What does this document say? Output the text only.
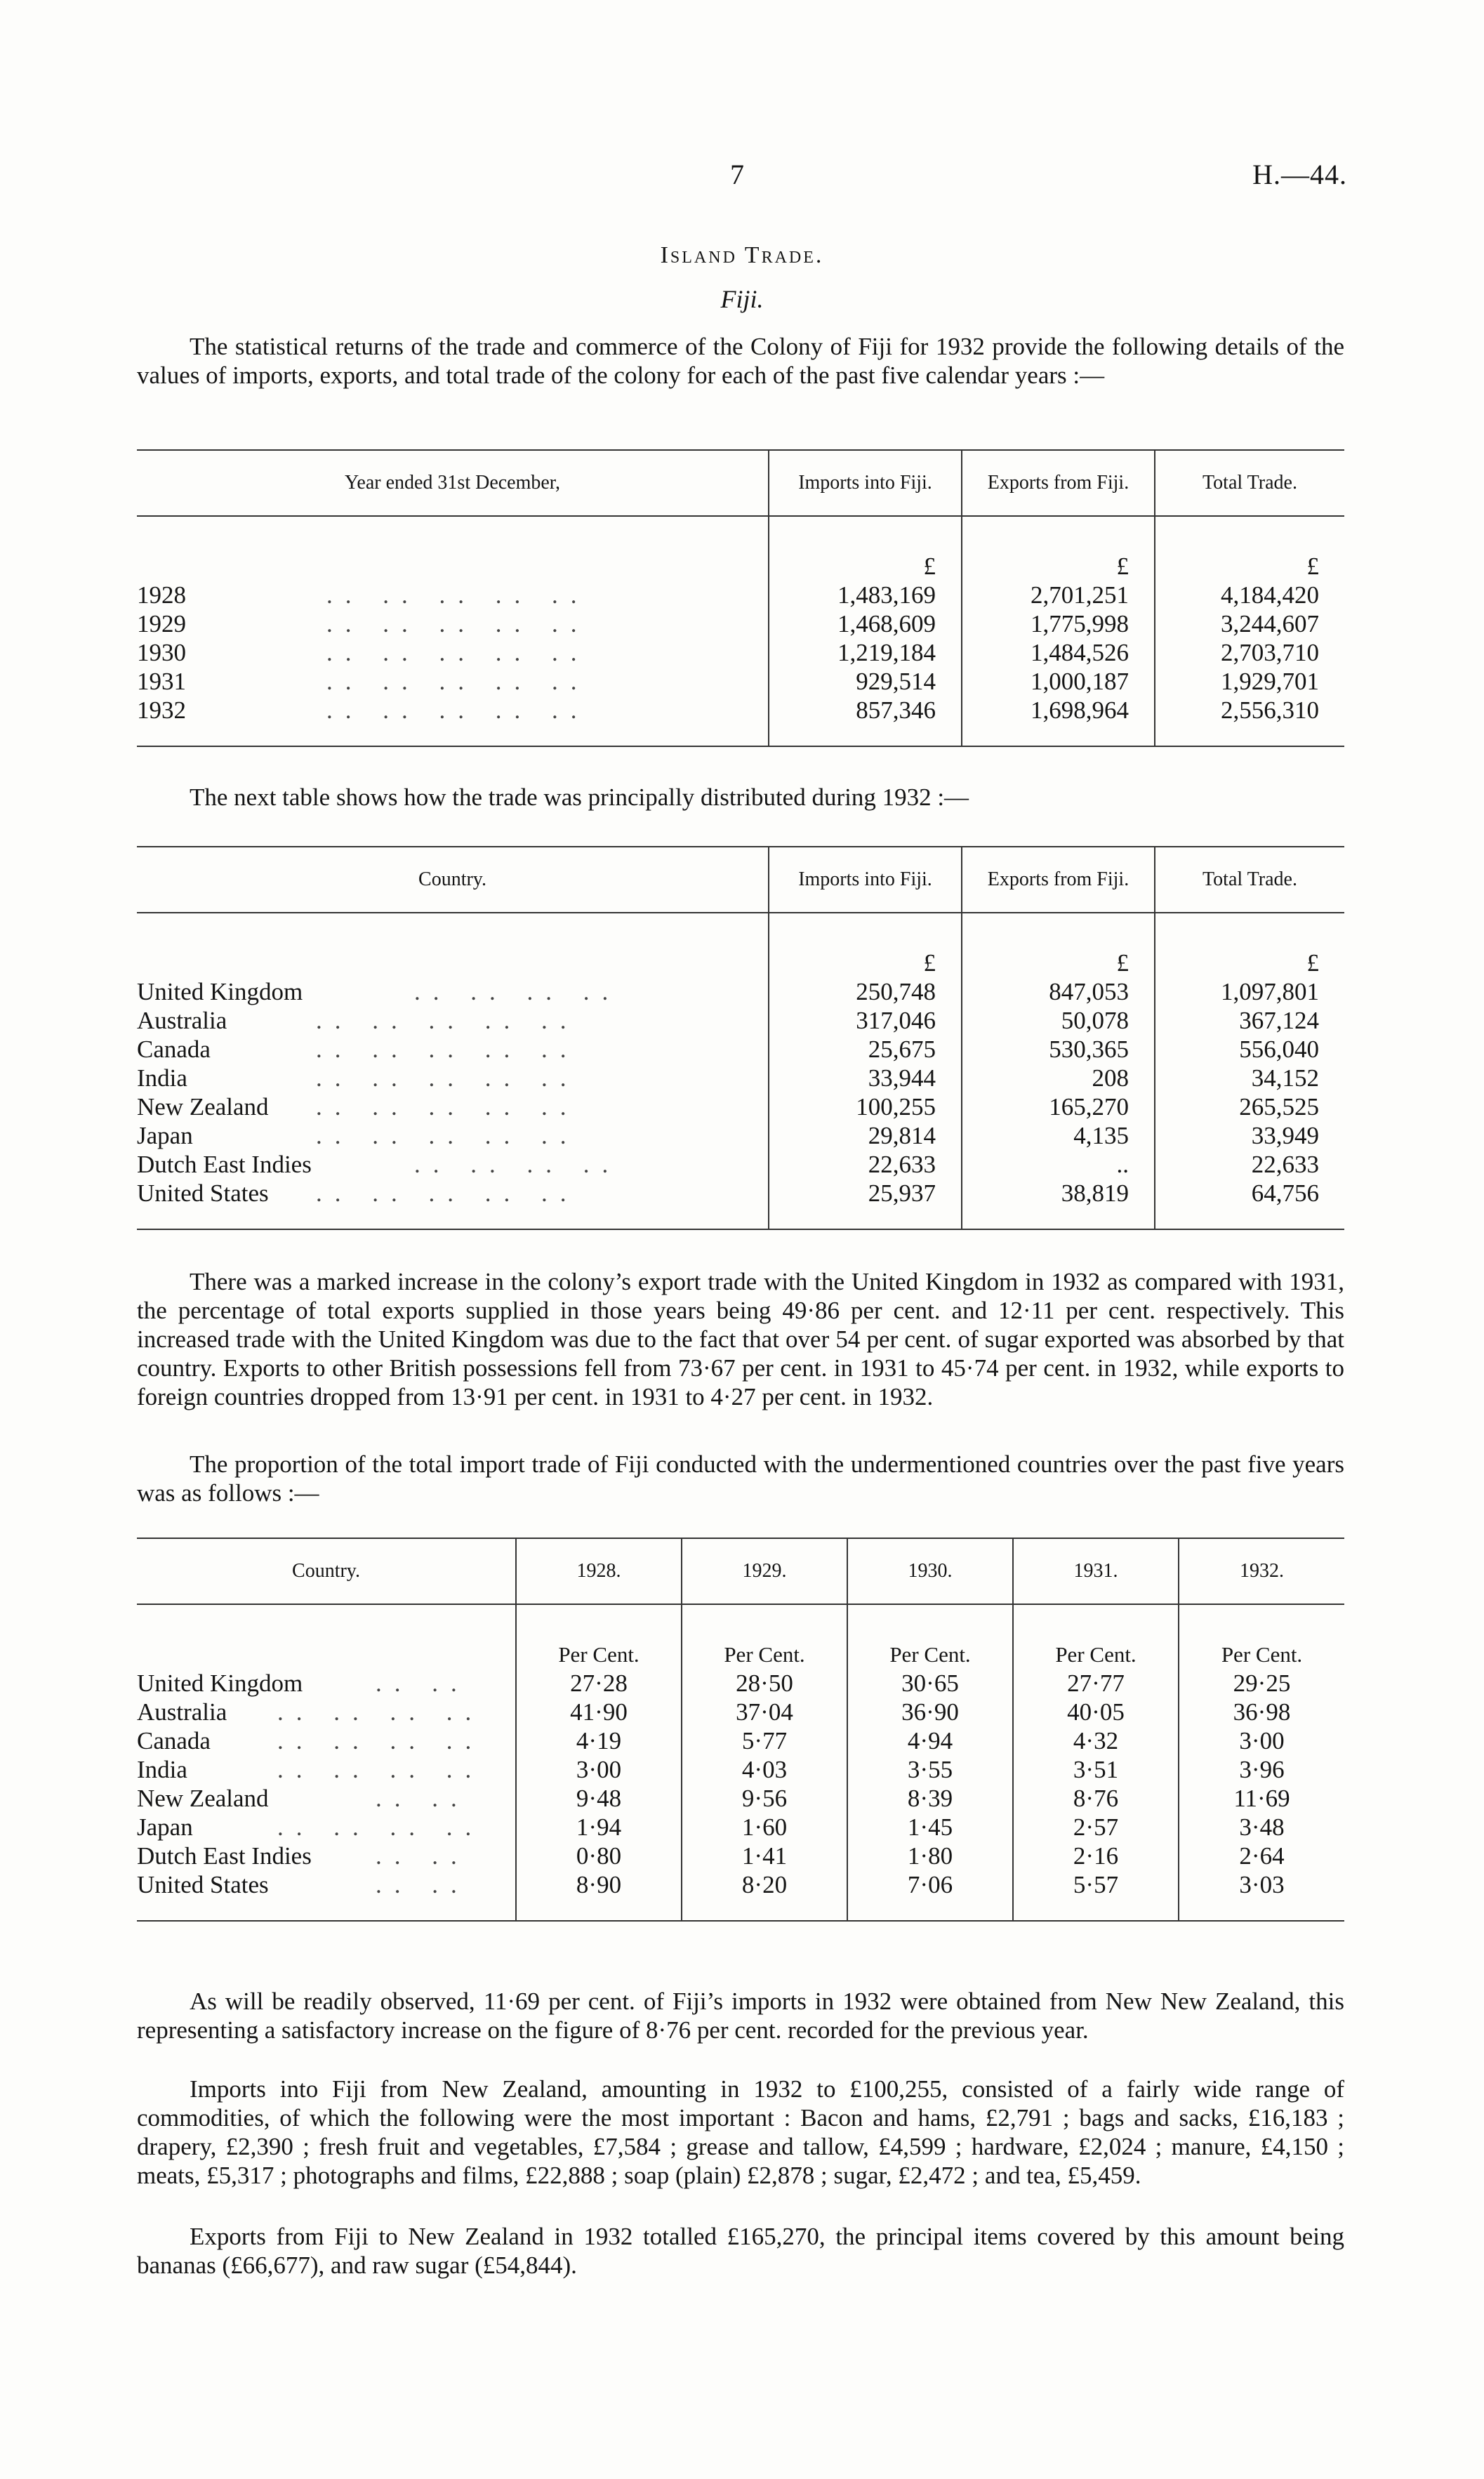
7	H.—44.
Island Trade.
Fiji.

The statistical returns of the trade and commerce of the Colony of Fiji for 1932 provide the following details of the values of imports, exports, and total trade of the colony for each of the past five calendar years :—

Year ended 31st December,	Imports into Fiji.	Exports from Fiji.	Total Trade.

	£	£	£
1928 .. .. .. .. ..	1,483,169	2,701,251	4,184,420
1929 .. .. .. .. ..	1,468,609	1,775,998	3,244,607
1930 .. .. .. .. ..	1,219,184	1,484,526	2,703,710
1931 .. .. .. .. ..	929,514	1,000,187	1,929,701
1932 .. .. .. .. ..	857,346	1,698,964	2,556,310

The next table shows how the trade was principally distributed during 1932 :—

Country.	Imports into Fiji.	Exports from Fiji.	Total Trade.

	£	£	£
United Kingdom .. .. .. ..	250,748	847,053	1,097,801
Australia .. .. .. .. ..	317,046	50,078	367,124
Canada .. .. .. .. ..	25,675	530,365	556,040
India .. .. .. .. ..	33,944	208	34,152
New Zealand .. .. .. .. ..	100,255	165,270	265,525
Japan .. .. .. .. ..	29,814	4,135	33,949
Dutch East Indies .. .. .. ..	22,633	..	22,633
United States .. .. .. .. ..	25,937	38,819	64,756

There was a marked increase in the colony’s export trade with the United Kingdom in 1932 as compared with 1931, the percentage of total exports supplied in those years being 49·86 per cent. and 12·11 per cent. respectively. This increased trade with the United Kingdom was due to the fact that over 54 per cent. of sugar exported was absorbed by that country. Exports to other British possessions fell from 73·67 per cent. in 1931 to 45·74 per cent. in 1932, while exports to foreign countries dropped from 13·91 per cent. in 1931 to 4·27 per cent. in 1932.

The proportion of the total import trade of Fiji conducted with the undermentioned countries over the past five years was as follows :—

Country.	1928.	1929.	1930.	1931.	1932.

	Per Cent.	Per Cent.	Per Cent.	Per Cent.	Per Cent.
United Kingdom .. ..	27·28	28·50	30·65	27·77	29·25
Australia .. .. .. ..	41·90	37·04	36·90	40·05	36·98
Canada .. .. .. ..	4·19	5·77	4·94	4·32	3·00
India .. .. .. ..	3·00	4·03	3·55	3·51	3·96
New Zealand .. ..	9·48	9·56	8·39	8·76	11·69
Japan .. .. .. ..	1·94	1·60	1·45	2·57	3·48
Dutch East Indies .. ..	0·80	1·41	1·80	2·16	2·64
United States .. ..	8·90	8·20	7·06	5·57	3·03

As will be readily observed, 11·69 per cent. of Fiji’s imports in 1932 were obtained from New New Zealand, this representing a satisfactory increase on the figure of 8·76 per cent. recorded for the previous year.

Imports into Fiji from New Zealand, amounting in 1932 to £100,255, consisted of a fairly wide range of commodities, of which the following were the most important : Bacon and hams, £2,791 ; bags and sacks, £16,183 ; drapery, £2,390 ; fresh fruit and vegetables, £7,584 ; grease and tallow, £4,599 ; hardware, £2,024 ; manure, £4,150 ; meats, £5,317 ; photographs and films, £22,888 ; soap (plain) £2,878 ; sugar, £2,472 ; and tea, £5,459.

Exports from Fiji to New Zealand in 1932 totalled £165,270, the principal items covered by this amount being bananas (£66,677), and raw sugar (£54,844).
